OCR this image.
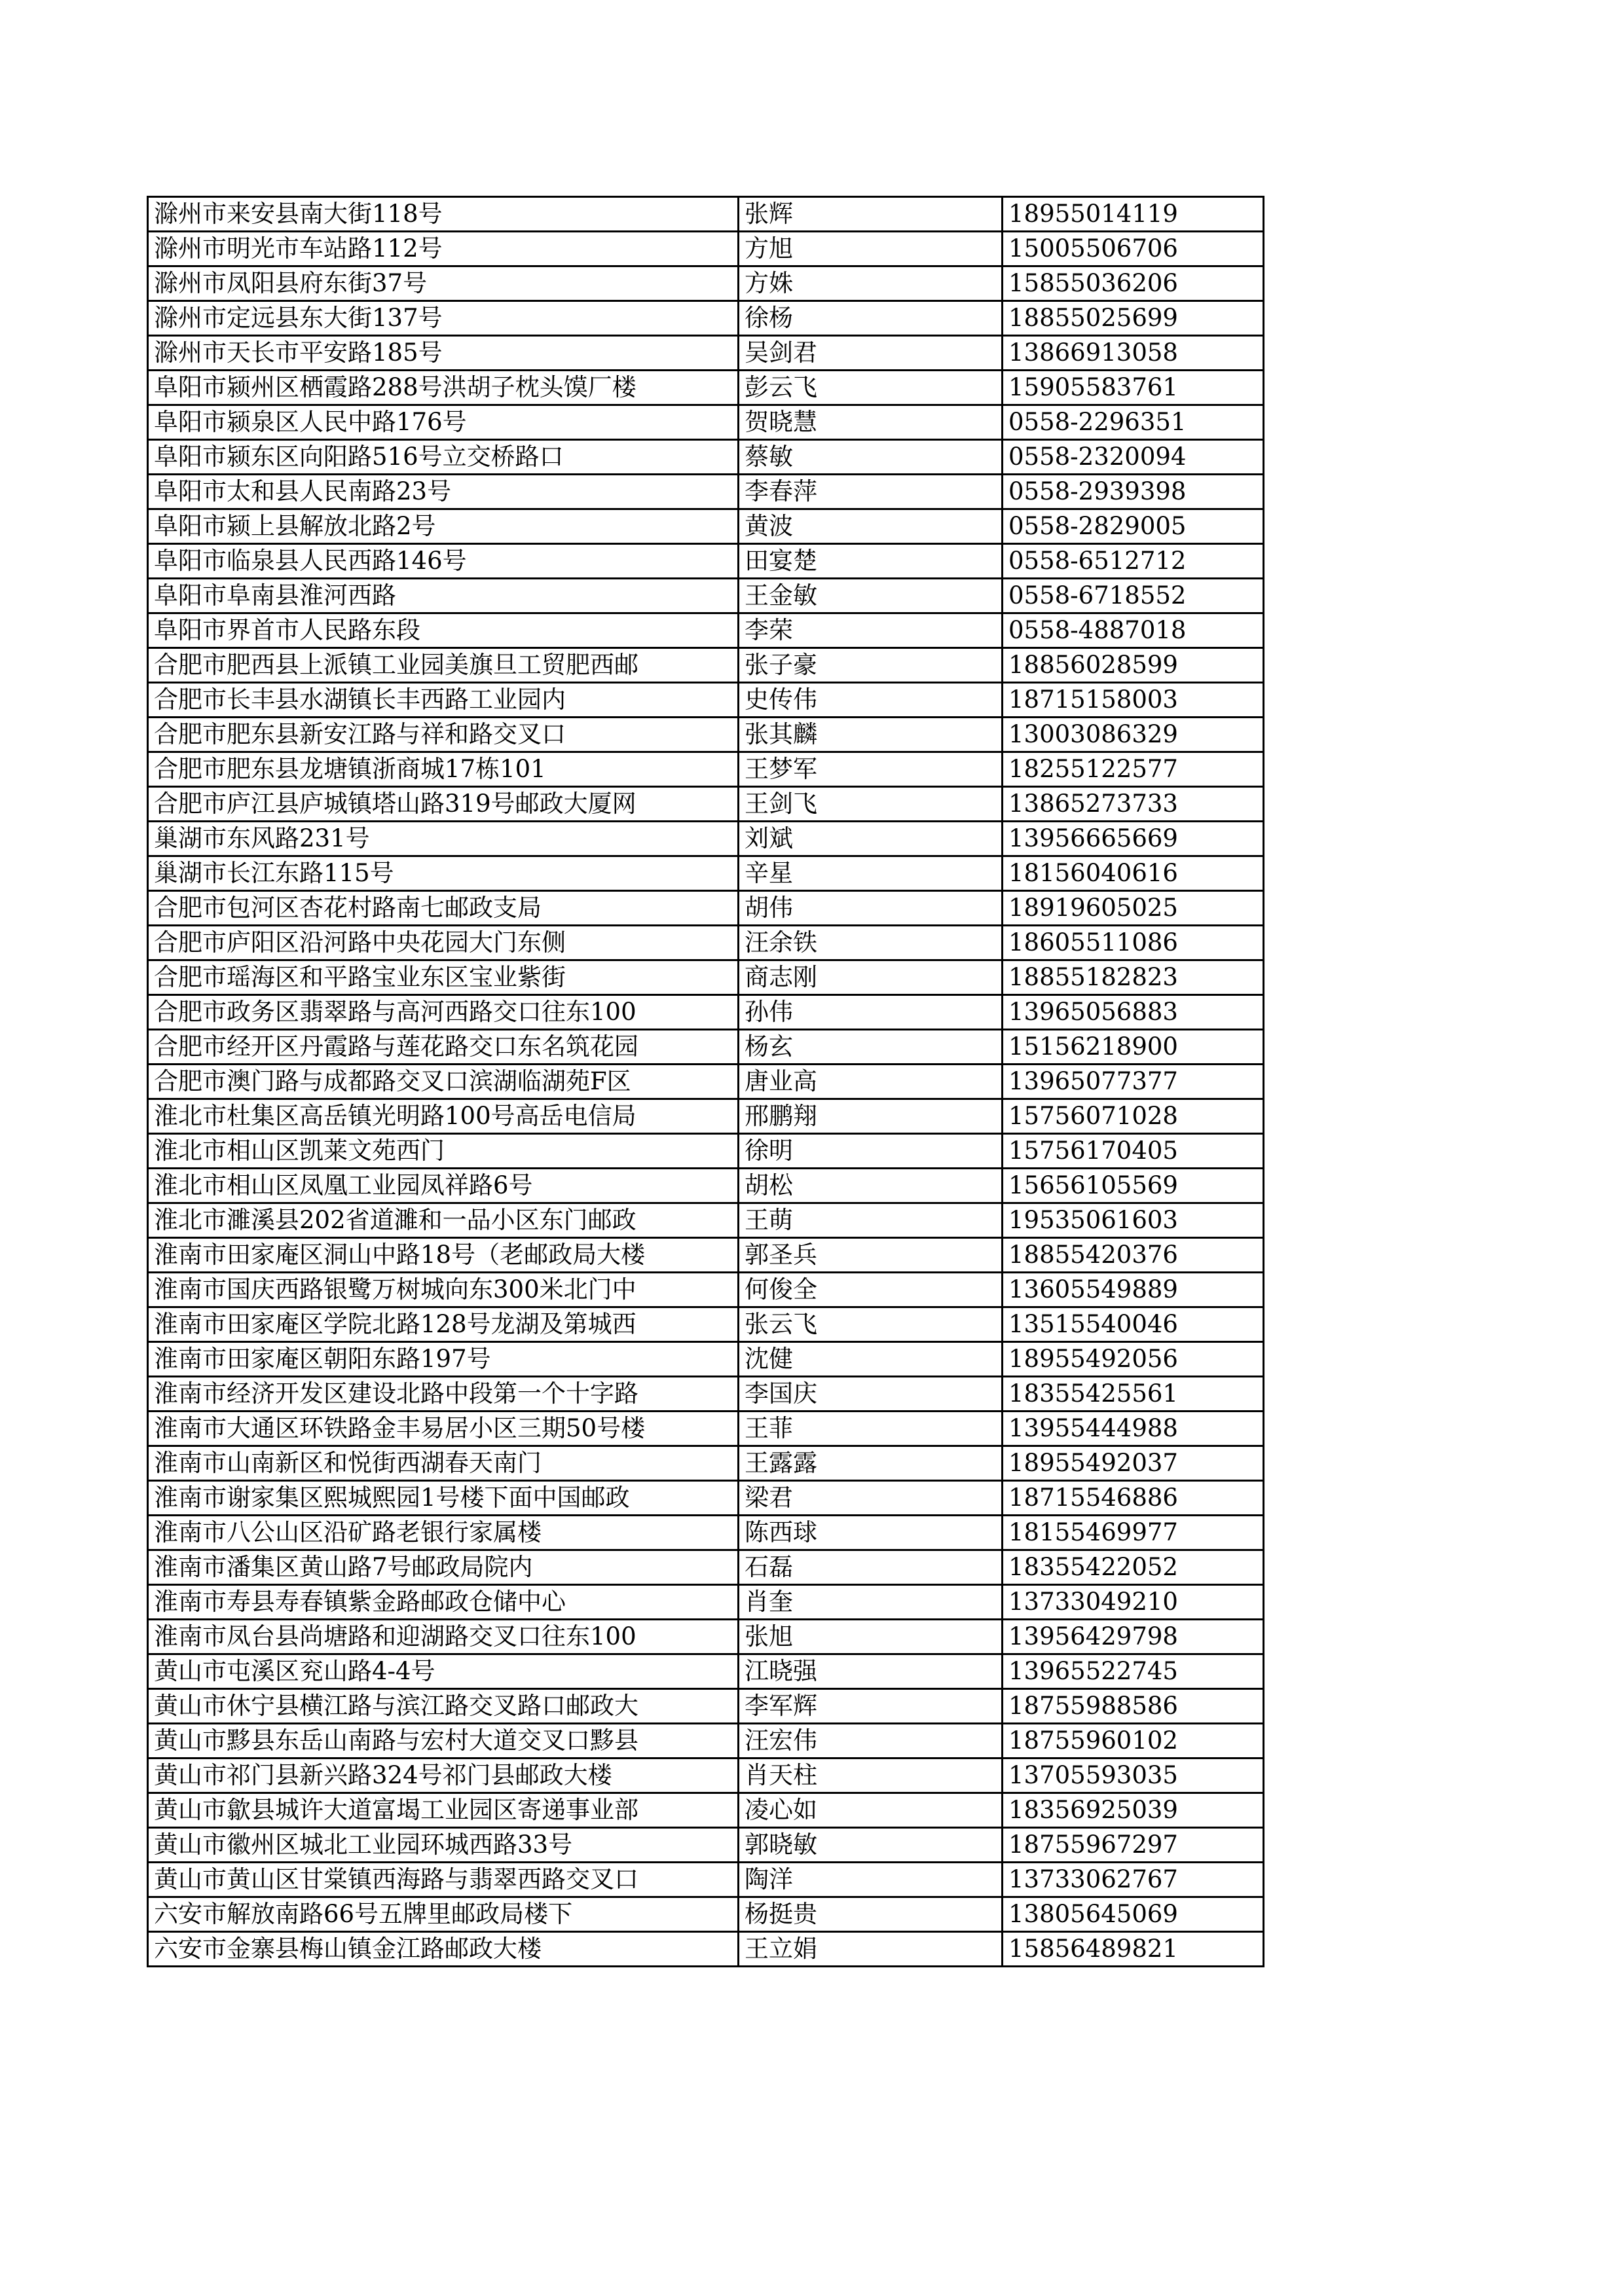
滁州市来安县南大街118号	张辉	18955014119
滁州市明光市车站路112号	方旭	15005506706
滁州市凤阳县府东街37号	方姝	15855036206
滁州市定远县东大街137号	徐杨	18855025699
滁州市天长市平安路185号	吴剑君	13866913058
阜阳市颍州区栖霞路288号洪胡子枕头馍厂楼	彭云飞	15905583761
阜阳市颍泉区人民中路176号	贺晓慧	0558-2296351
阜阳市颍东区向阳路516号立交桥路口	蔡敏	0558-2320094
阜阳市太和县人民南路23号	李春萍	0558-2939398
阜阳市颍上县解放北路2号	黄波	0558-2829005
阜阳市临泉县人民西路146号	田宴楚	0558-6512712
阜阳市阜南县淮河西路	王金敏	0558-6718552
阜阳市界首市人民路东段	李荣	0558-4887018
合肥市肥西县上派镇工业园美旗旦工贸肥西邮	张子豪	18856028599
合肥市长丰县水湖镇长丰西路工业园内	史传伟	18715158003
合肥市肥东县新安江路与祥和路交叉口	张其麟	13003086329
合肥市肥东县龙塘镇浙商城17栋101	王梦军	18255122577
合肥市庐江县庐城镇塔山路319号邮政大厦网	王剑飞	13865273733
巢湖市东风路231号	刘斌	13956665669
巢湖市长江东路115号	辛星	18156040616
合肥市包河区杏花村路南七邮政支局	胡伟	18919605025
合肥市庐阳区沿河路中央花园大门东侧	汪余铁	18605511086
合肥市瑶海区和平路宝业东区宝业紫街	商志刚	18855182823
合肥市政务区翡翠路与高河西路交口往东100	孙伟	13965056883
合肥市经开区丹霞路与莲花路交口东名筑花园	杨玄	15156218900
合肥市澳门路与成都路交叉口滨湖临湖苑F区	唐业高	13965077377
淮北市杜集区高岳镇光明路100号高岳电信局	邢鹏翔	15756071028
淮北市相山区凯莱文苑西门	徐明	15756170405
淮北市相山区凤凰工业园凤祥路6号	胡松	15656105569
淮北市濉溪县202省道濉和一品小区东门邮政	王萌	19535061603
淮南市田家庵区洞山中路18号（老邮政局大楼	郭圣兵	18855420376
淮南市国庆西路银鹭万树城向东300米北门中	何俊全	13605549889
淮南市田家庵区学院北路128号龙湖及第城西	张云飞	13515540046
淮南市田家庵区朝阳东路197号	沈健	18955492056
淮南市经济开发区建设北路中段第一个十字路	李国庆	18355425561
淮南市大通区环铁路金丰易居小区三期50号楼	王菲	13955444988
淮南市山南新区和悦街西湖春天南门	王露露	18955492037
淮南市谢家集区熙城熙园1号楼下面中国邮政	梁君	18715546886
淮南市八公山区沿矿路老银行家属楼	陈西球	18155469977
淮南市潘集区黄山路7号邮政局院内	石磊	18355422052
淮南市寿县寿春镇紫金路邮政仓储中心	肖奎	13733049210
淮南市凤台县尚塘路和迎湖路交叉口往东100	张旭	13956429798
黄山市屯溪区兖山路4-4号	江晓强	13965522745
黄山市休宁县横江路与滨江路交叉路口邮政大	李军辉	18755988586
黄山市黟县东岳山南路与宏村大道交叉口黟县	汪宏伟	18755960102
黄山市祁门县新兴路324号祁门县邮政大楼	肖天柱	13705593035
黄山市歙县城许大道富堨工业园区寄递事业部	凌心如	18356925039
黄山市徽州区城北工业园环城西路33号	郭晓敏	18755967297
黄山市黄山区甘棠镇西海路与翡翠西路交叉口	陶洋	13733062767
六安市解放南路66号五牌里邮政局楼下	杨挺贵	13805645069
六安市金寨县梅山镇金江路邮政大楼	王立娟	15856489821
